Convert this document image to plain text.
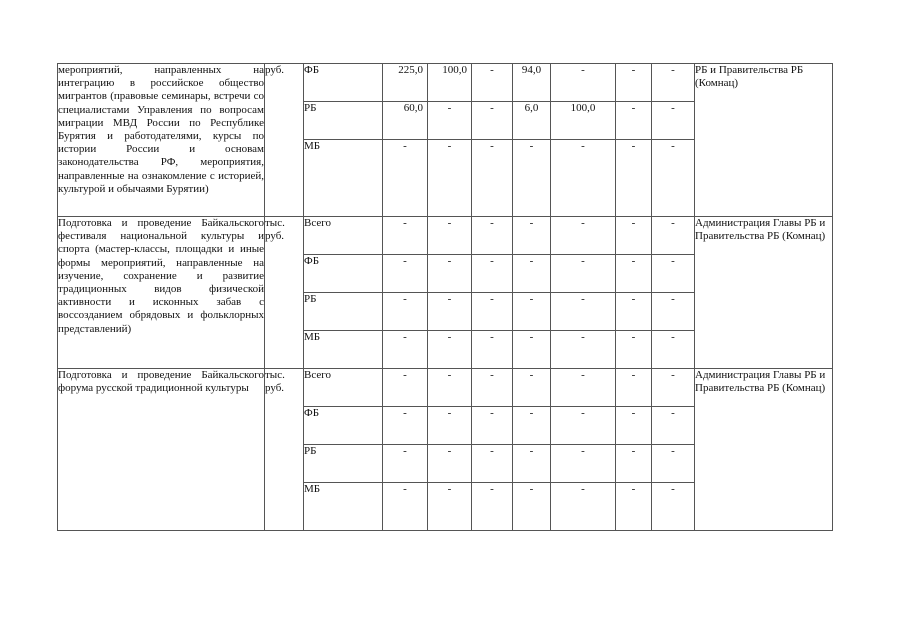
мероприятий, направленных на интеграцию в российское общество мигрантов (правовые семинары, встречи со специалистами Управления по вопросам миграции МВД России по Республике Бурятия и работодателями, курсы по истории России и основам законодательства РФ, мероприятия, направленные на ознакомление с историей, культурой и обычаями Бурятии)	руб.	ФБ	225,0	100,0	-	94,0	-	-	-	РБ и Правительства РБ (Комнац)
		РБ	60,0	-	-	6,0	100,0	-	-	
		МБ	-	-	-	-	-	-	-	
Подготовка и проведение Байкальского фестиваля национальной культуры и спорта (мастер-классы, площадки и иные формы мероприятий, направленные на изучение, сохранение и развитие традиционных видов физической активности и исконных забав с воссозданием обрядовых и фольклорных представлений)	тыс. руб.	Всего	-	-	-	-	-	-	-	Администрация Главы РБ и Правительства РБ (Комнац)
		ФБ	-	-	-	-	-	-	-	
		РБ	-	-	-	-	-	-	-	
		МБ	-	-	-	-	-	-	-	
Подготовка и проведение Байкальского форума русской традиционной культуры	тыс. руб.	Всего	-	-	-	-	-	-	-	Администрация Главы РБ и Правительства РБ (Комнац)
		ФБ	-	-	-	-	-	-	-	
		РБ	-	-	-	-	-	-	-	
		МБ	-	-	-	-	-	-	-	
